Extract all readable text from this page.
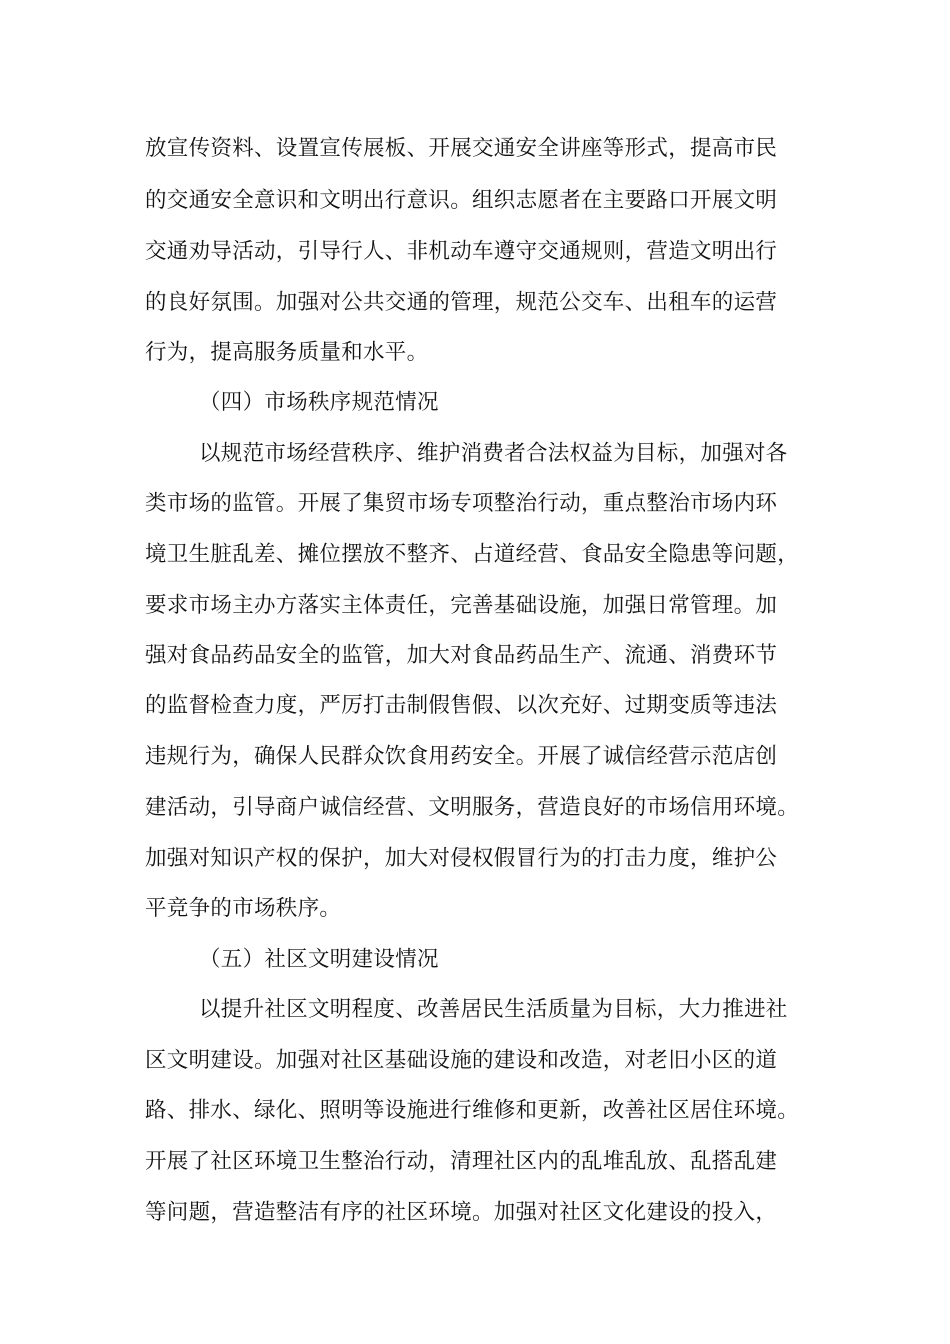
放宣传资料、设置宣传展板、开展交通安全讲座等形式，提高市民
的交通安全意识和文明出行意识。组织志愿者在主要路口开展文明
交通劝导活动，引导行人、非机动车遵守交通规则，营造文明出行
的良好氛围。加强对公共交通的管理，规范公交车、出租车的运营
行为，提高服务质量和水平。
（四）市场秩序规范情况
以规范市场经营秩序、维护消费者合法权益为目标，加强对各
类市场的监管。开展了集贸市场专项整治行动，重点整治市场内环
境卫生脏乱差、摊位摆放不整齐、占道经营、食品安全隐患等问题，
要求市场主办方落实主体责任，完善基础设施，加强日常管理。加
强对食品药品安全的监管，加大对食品药品生产、流通、消费环节
的监督检查力度，严厉打击制假售假、以次充好、过期变质等违法
违规行为，确保人民群众饮食用药安全。开展了诚信经营示范店创
建活动，引导商户诚信经营、文明服务，营造良好的市场信用环境。
加强对知识产权的保护，加大对侵权假冒行为的打击力度，维护公
平竞争的市场秩序。
（五）社区文明建设情况
以提升社区文明程度、改善居民生活质量为目标，大力推进社
区文明建设。加强对社区基础设施的建设和改造，对老旧小区的道
路、排水、绿化、照明等设施进行维修和更新，改善社区居住环境。
开展了社区环境卫生整治行动，清理社区内的乱堆乱放、乱搭乱建
等问题，营造整洁有序的社区环境。加强对社区文化建设的投入，
